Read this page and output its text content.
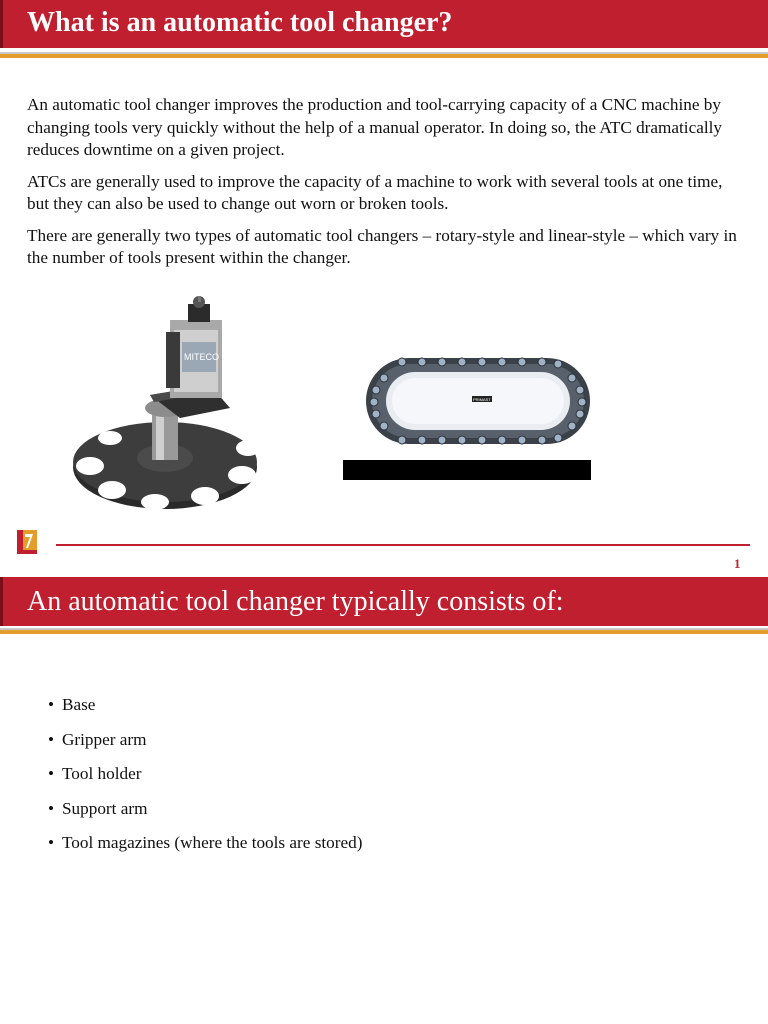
What is an automatic tool changer?

An automatic tool changer improves the production and tool-carrying capacity of a CNC machine by changing tools very quickly without the help of a manual operator. In doing so, the ATC dramatically reduces downtime on a given project.

ATCs are generally used to improve the capacity of a machine to work with several tools at one time, but they can also be used to change out worn or broken tools.

There are generally two types of automatic tool changers – rotary-style and linear-style – which vary in the number of tools present within the changer.

MITECO
PRIMAST
1
An automatic tool changer typically consists of:
• Base
• Gripper arm
• Tool holder
• Support arm
• Tool magazines (where the tools are stored)
